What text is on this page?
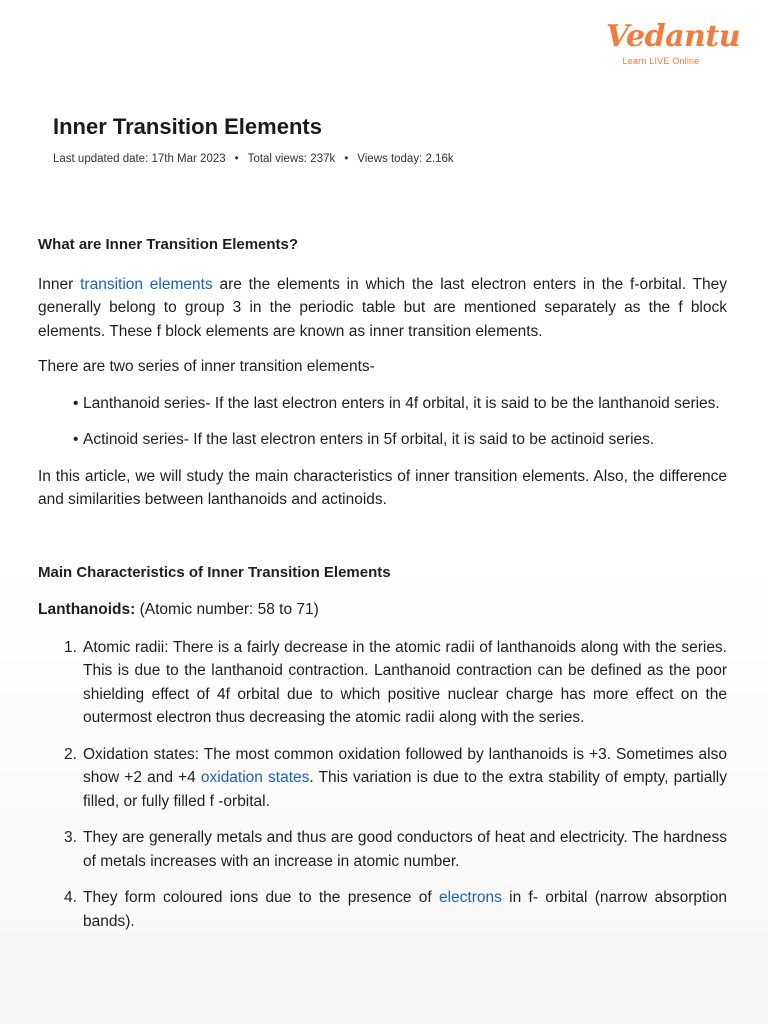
Vedantu
Learn LIVE Online
Inner Transition Elements
Last updated date: 17th Mar 2023 • Total views: 237k • Views today: 2.16k

What are Inner Transition Elements?

Inner transition elements are the elements in which the last electron enters in the f-orbital. They generally belong to group 3 in the periodic table but are mentioned separately as the f block elements. These f block elements are known as inner transition elements.

There are two series of inner transition elements-

• Lanthanoid series- If the last electron enters in 4f orbital, it is said to be the lanthanoid series.
• Actinoid series- If the last electron enters in 5f orbital, it is said to be actinoid series.

In this article, we will study the main characteristics of inner transition elements. Also, the difference and similarities between lanthanoids and actinoids.

Main Characteristics of Inner Transition Elements

Lanthanoids: (Atomic number: 58 to 71)

1. Atomic radii: There is a fairly decrease in the atomic radii of lanthanoids along with the series. This is due to the lanthanoid contraction. Lanthanoid contraction can be defined as the poor shielding effect of 4f orbital due to which positive nuclear charge has more effect on the outermost electron thus decreasing the atomic radii along with the series.
2. Oxidation states: The most common oxidation followed by lanthanoids is +3. Sometimes also show +2 and +4 oxidation states. This variation is due to the extra stability of empty, partially filled, or fully filled f -orbital.
3. They are generally metals and thus are good conductors of heat and electricity. The hardness of metals increases with an increase in atomic number.
4. They form coloured ions due to the presence of electrons in f- orbital (narrow absorption bands).
